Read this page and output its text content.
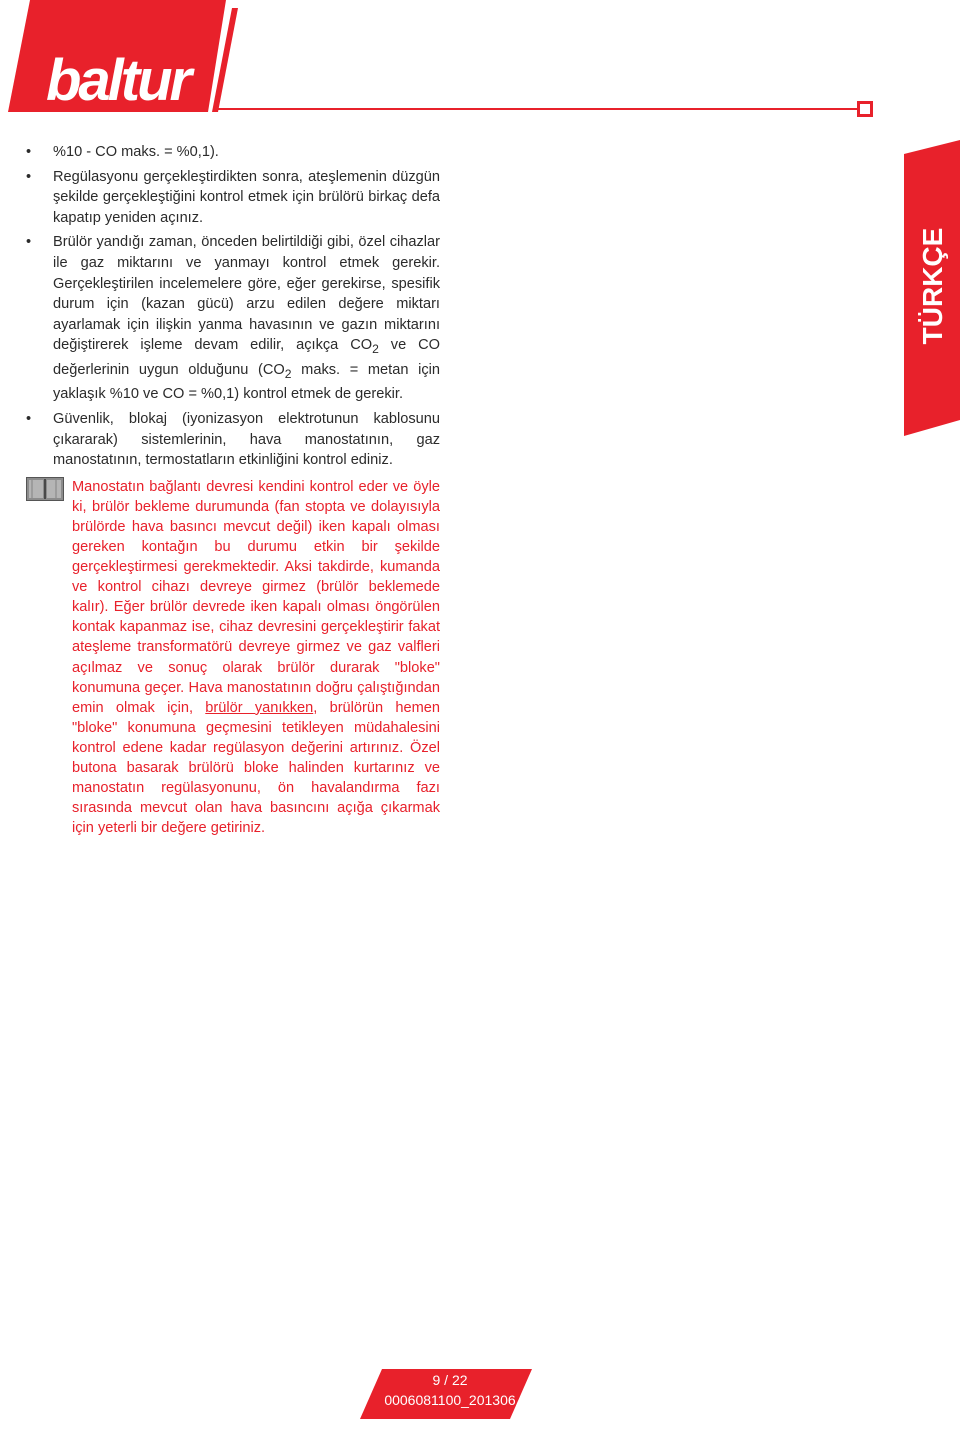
baltur
TÜRKÇE

• %10 - CO maks. = %0,1).

• Regülasyonu gerçekleştirdikten sonra, ateşlemenin düzgün şekilde gerçekleştiğini kontrol etmek için brülörü birkaç defa kapatıp yeniden açınız.

• Brülör yandığı zaman, önceden belirtildiği gibi, özel cihazlar ile gaz miktarını ve yanmayı kontrol etmek gerekir. Gerçekleştirilen incelemelere göre, eğer gerekirse, spesifik durum için (kazan gücü) arzu edilen değere miktarı ayarlamak için ilişkin yanma havasının ve gazın miktarını değiştirerek işleme devam edilir, açıkça $CO_2$ ve CO değerlerinin uygun olduğunu ($CO_2$ maks. = metan için yaklaşık %10 ve CO = %0,1) kontrol etmek de gerekir.

• Güvenlik, blokaj (iyonizasyon elektrotunun kablosunu çıkararak) sistemlerinin, hava manostatının, gaz manostatının, termostatların etkinliğini kontrol ediniz.

Manostatın bağlantı devresi kendini kontrol eder ve öyle ki, brülör bekleme durumunda (fan stopta ve dolayısıyla brülörde hava basıncı mevcut değil) iken kapalı olması gereken kontağın bu durumu etkin bir şekilde gerçekleştirmesi gerekmektedir. Aksi takdirde, kumanda ve kontrol cihazı devreye girmez (brülör beklemede kalır). Eğer brülör devrede iken kapalı olması öngörülen kontak kapanmaz ise, cihaz devresini gerçekleştirir fakat ateşleme transformatörü devreye girmez ve gaz valfleri açılmaz ve sonuç olarak brülör durarak "bloke" konumuna geçer. Hava manostatının doğru çalıştığından emin olmak için, brülör yanıkken, brülörün hemen "bloke" konumuna geçmesini tetikleyen müdahalesini kontrol edene kadar regülasyon değerini artırınız. Özel butona basarak brülörü bloke halinden kurtarınız ve manostatın regülasyonunu, ön havalandırma fazı sırasında mevcut olan hava basıncını açığa çıkarmak için yeterli bir değere getiriniz.
9 / 22
0006081100_201306
